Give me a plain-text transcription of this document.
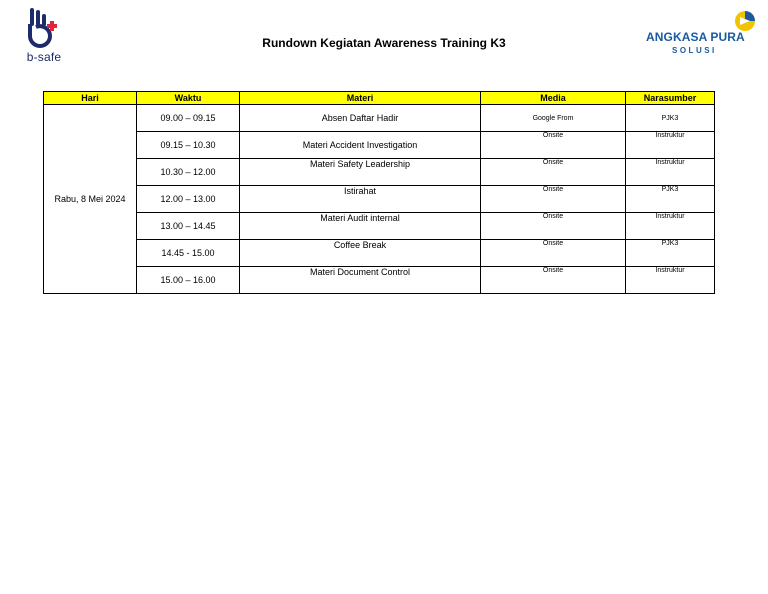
b-safe
Rundown Kegiatan Awareness Training K3	ANGKASA PURA
SOLUSI
Hari	Waktu	Materi	Media	Narasumber
Rabu, 8 Mei 2024	09.00 – 09.15	Absen Daftar Hadir	Google From	PJK3
	09.15 – 10.30	Materi Accident Investigation	Onsite	Instruktur
	10.30 – 12.00	Materi Safety Leadership	Onsite	Instruktur
	12.00 – 13.00	Istirahat	Onsite	PJK3
	13.00 – 14.45	Materi Audit internal	Onsite	Instruktur
	14.45 - 15.00	Coffee Break	Onsite	PJK3
	15.00 – 16.00	Materi Document Control	Onsite	Instruktur
